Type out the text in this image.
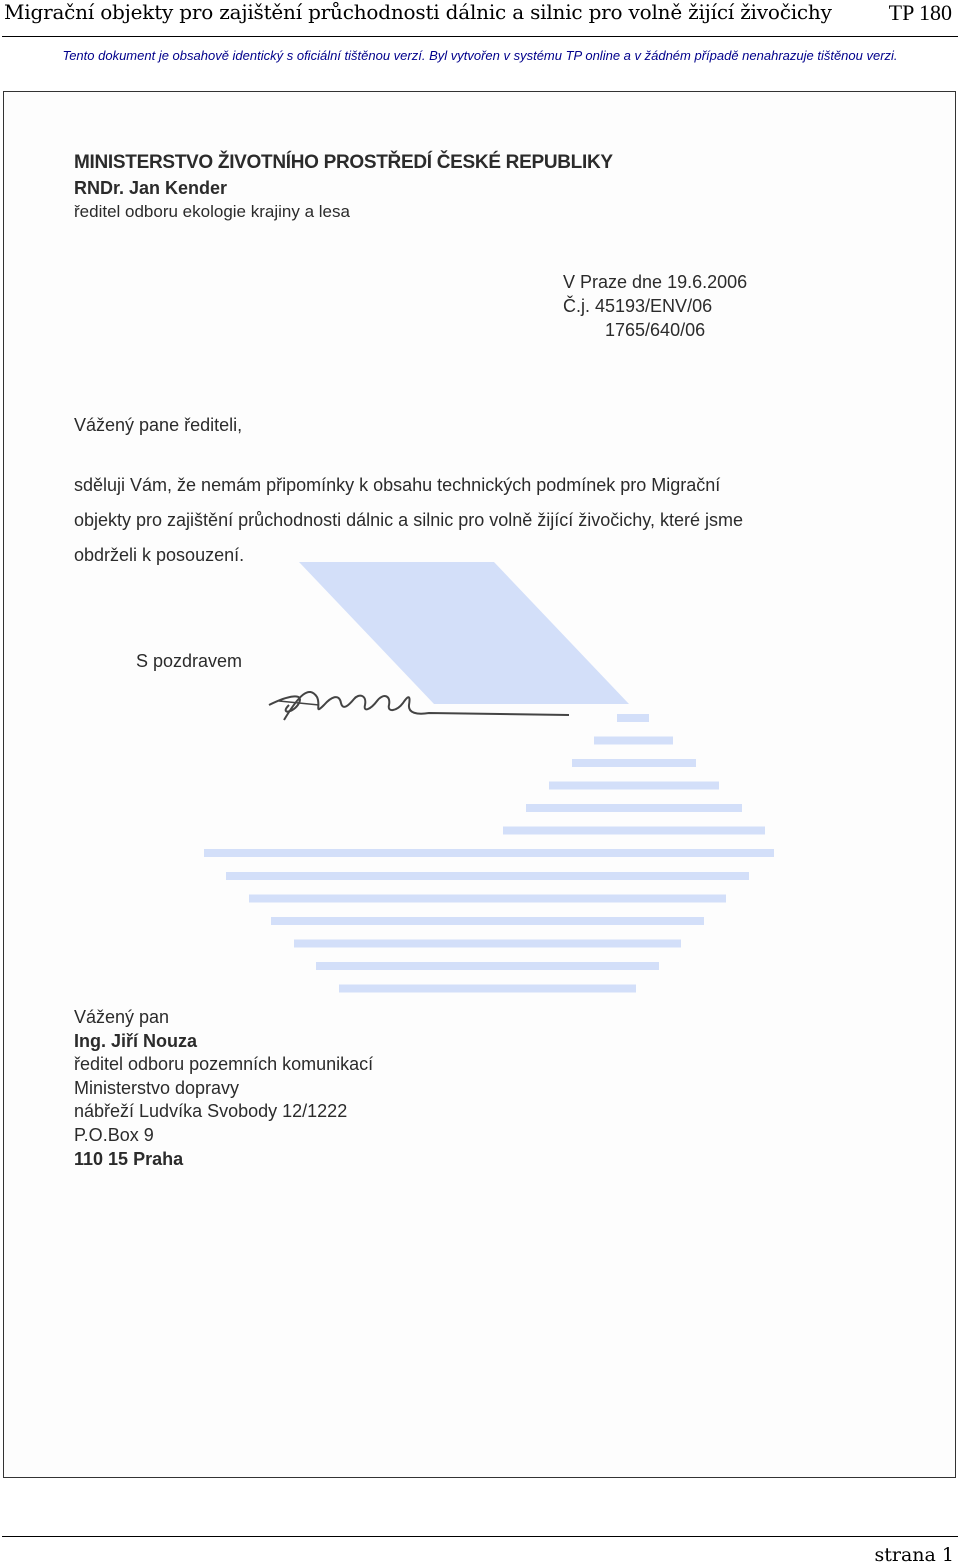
Migrační objekty pro zajištění průchodnosti dálnic a silnic pro volně žijící živočichy	TP 180
Tento dokument je obsahově identický s oficiální tištěnou verzí. Byl vytvořen v systému TP online a v žádném případě nenahrazuje tištěnou verzi.
MINISTERSTVO ŽIVOTNÍHO PROSTŘEDÍ ČESKÉ REPUBLIKY
RNDr. Jan Kender
ředitel odboru ekologie krajiny a lesa
V Praze dne 19.6.2006
Č.j. 45193/ENV/06
1765/640/06
Vážený pane řediteli,
sděluji Vám, že nemám připomínky k obsahu technických podmínek pro Migrační
objekty pro zajištění průchodnosti dálnic a silnic pro volně žijící živočichy, které jsme
obdrželi k posouzení.
S pozdravem
Vážený pan
Ing. Jiří Nouza
ředitel odboru pozemních komunikací
Ministerstvo dopravy
nábřeží Ludvíka Svobody 12/1222
P.O.Box 9
110 15 Praha
strana 1
